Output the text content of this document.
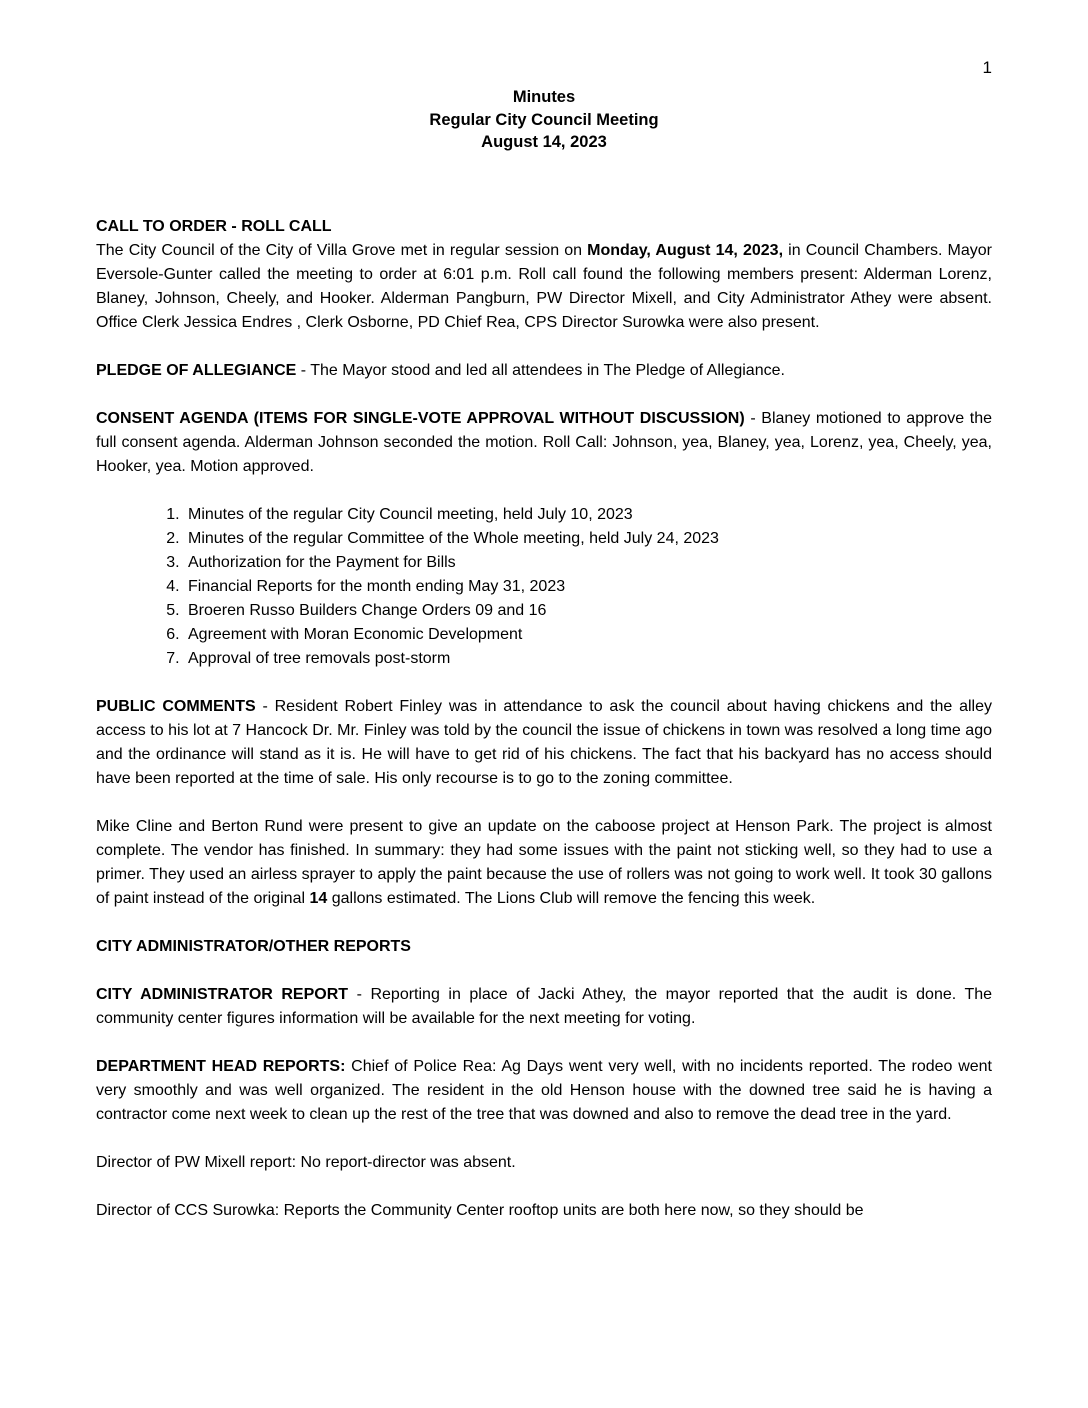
1
Minutes
Regular City Council Meeting
August 14, 2023

CALL TO ORDER - ROLL CALL

The City Council of the City of Villa Grove met in regular session on Monday, August 14, 2023, in Council Chambers. Mayor Eversole-Gunter called the meeting to order at 6:01 p.m. Roll call found the following members present: Alderman Lorenz, Blaney, Johnson, Cheely, and Hooker. Alderman Pangburn, PW Director Mixell, and City Administrator Athey were absent. Office Clerk Jessica Endres , Clerk Osborne, PD Chief Rea, CPS Director Surowka were also present.

PLEDGE OF ALLEGIANCE - The Mayor stood and led all attendees in The Pledge of Allegiance.

CONSENT AGENDA (ITEMS FOR SINGLE-VOTE APPROVAL WITHOUT DISCUSSION) - Blaney motioned to approve the full consent agenda. Alderman Johnson seconded the motion. Roll Call: Johnson, yea, Blaney, yea, Lorenz, yea, Cheely, yea, Hooker, yea. Motion approved.

1. Minutes of the regular City Council meeting, held July 10, 2023
2. Minutes of the regular Committee of the Whole meeting, held July 24, 2023
3. Authorization for the Payment for Bills
4. Financial Reports for the month ending May 31, 2023
5. Broeren Russo Builders Change Orders 09 and 16
6. Agreement with Moran Economic Development
7. Approval of tree removals post-storm

PUBLIC COMMENTS - Resident Robert Finley was in attendance to ask the council about having chickens and the alley access to his lot at 7 Hancock Dr. Mr. Finley was told by the council the issue of chickens in town was resolved a long time ago and the ordinance will stand as it is. He will have to get rid of his chickens. The fact that his backyard has no access should have been reported at the time of sale. His only recourse is to go to the zoning committee.

Mike Cline and Berton Rund were present to give an update on the caboose project at Henson Park. The project is almost complete. The vendor has finished. In summary: they had some issues with the paint not sticking well, so they had to use a primer. They used an airless sprayer to apply the paint because the use of rollers was not going to work well. It took 30 gallons of paint instead of the original 14 gallons estimated. The Lions Club will remove the fencing this week.

CITY ADMINISTRATOR/OTHER REPORTS

CITY ADMINISTRATOR REPORT - Reporting in place of Jacki Athey, the mayor reported that the audit is done. The community center figures information will be available for the next meeting for voting.

DEPARTMENT HEAD REPORTS: Chief of Police Rea: Ag Days went very well, with no incidents reported. The rodeo went very smoothly and was well organized. The resident in the old Henson house with the downed tree said he is having a contractor come next week to clean up the rest of the tree that was downed and also to remove the dead tree in the yard.

Director of PW Mixell report: No report-director was absent.

Director of CCS Surowka: Reports the Community Center rooftop units are both here now, so they should be
